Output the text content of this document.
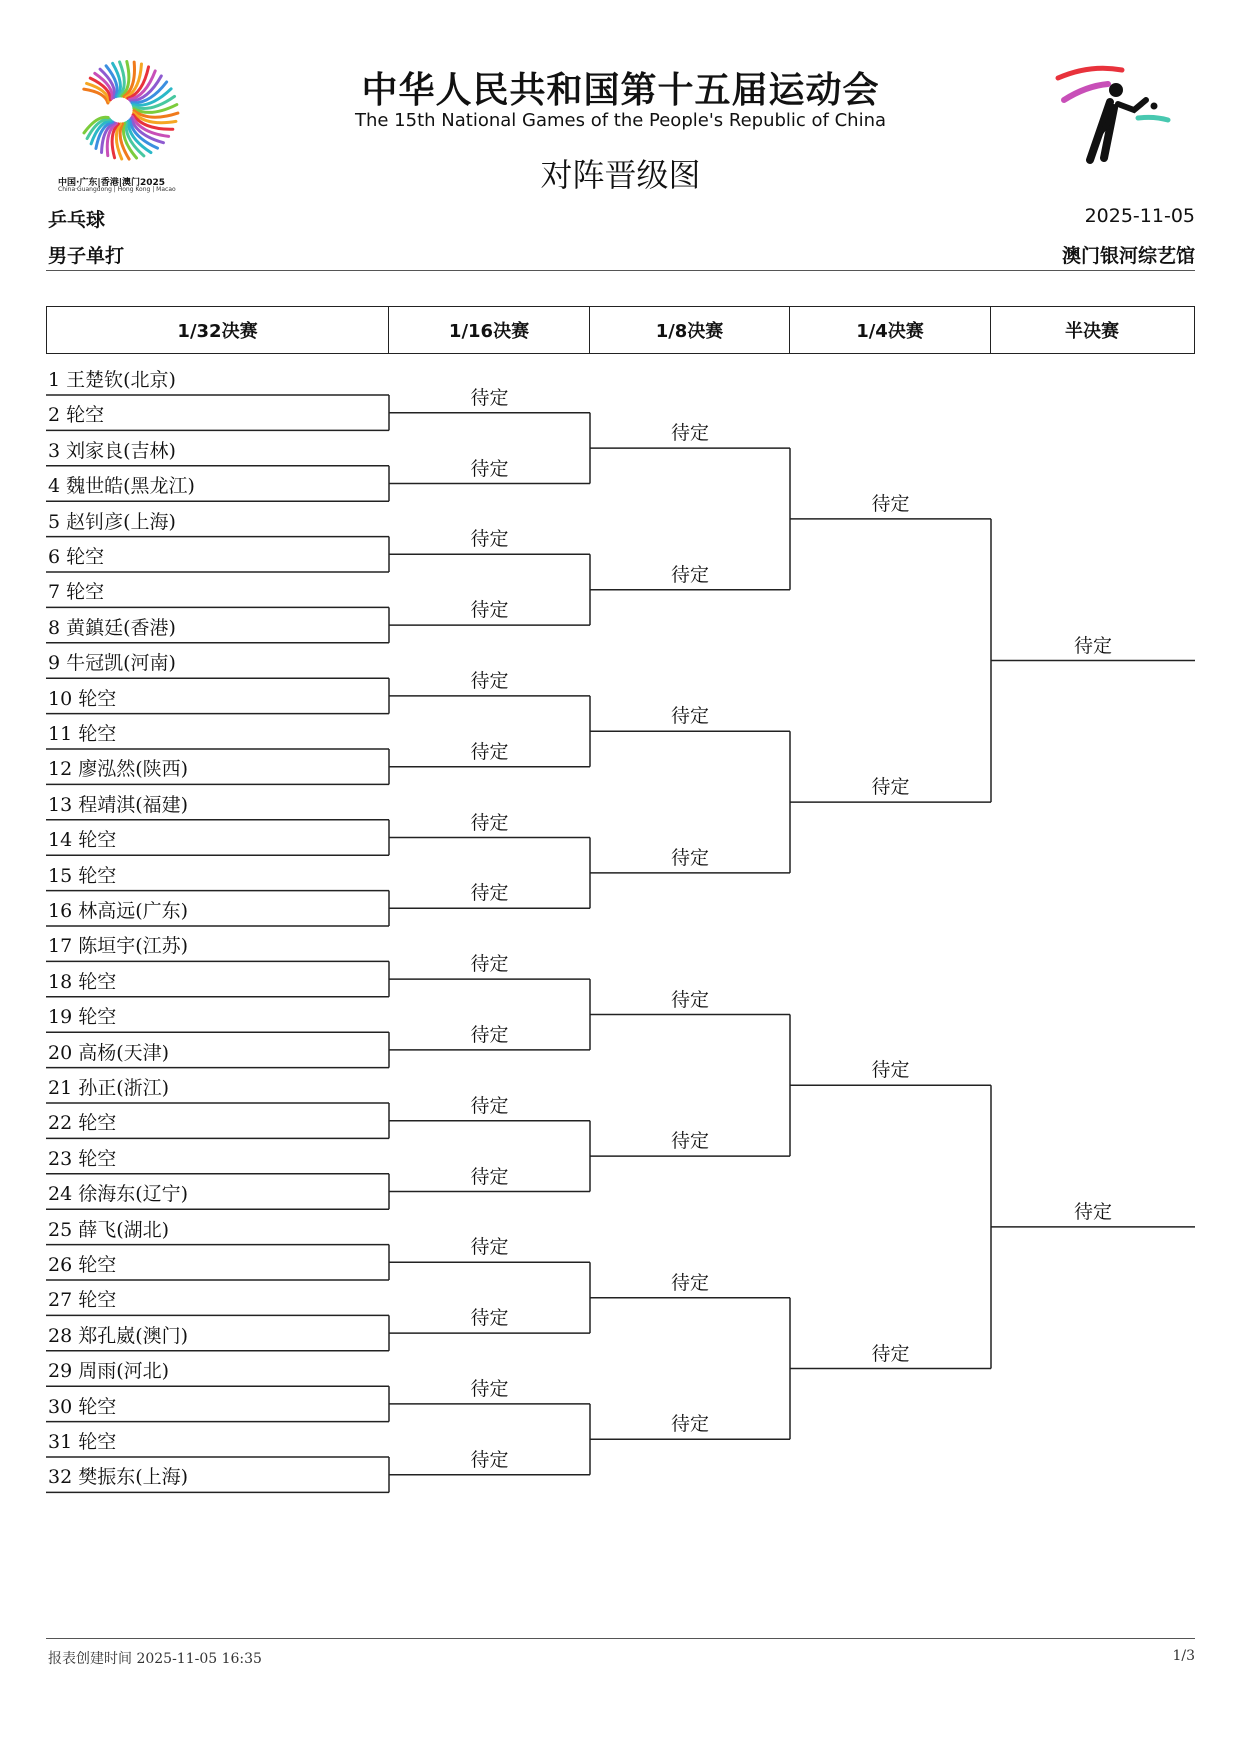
中国·广东|香港|澳门2025
China·Guangdong | Hong Kong | Macao
中华人民共和国第十五届运动会
The 15th National Games of the People's Republic of China
对阵晋级图
乒乓球
男子单打
2025-11-05
澳门银河综艺馆
1/32决赛	1/16决赛	1/8决赛	1/4决赛	半决赛
1 王楚钦(北京)
2 轮空
3 刘家良(吉林)
4 魏世皓(黑龙江)
5 赵钊彦(上海)
6 轮空
7 轮空
8 黄鎮廷(香港)
9 牛冠凯(河南)
10 轮空
11 轮空
12 廖泓然(陕西)
13 程靖淇(福建)
14 轮空
15 轮空
16 林高远(广东)
17 陈垣宇(江苏)
18 轮空
19 轮空
20 高杨(天津)
21 孙正(浙江)
22 轮空
23 轮空
24 徐海东(辽宁)
25 薛飞(湖北)
26 轮空
27 轮空
28 郑孔崴(澳门)
29 周雨(河北)
30 轮空
31 轮空
32 樊振东(上海)
待定
待定
待定
待定
待定
待定
待定
待定
待定
待定
待定
待定
待定
待定
待定
待定
待定
待定
待定
待定
待定
待定
待定
待定
待定
待定
待定
待定
待定
待定
报表创建时间 2025-11-05 16:35	1/3
